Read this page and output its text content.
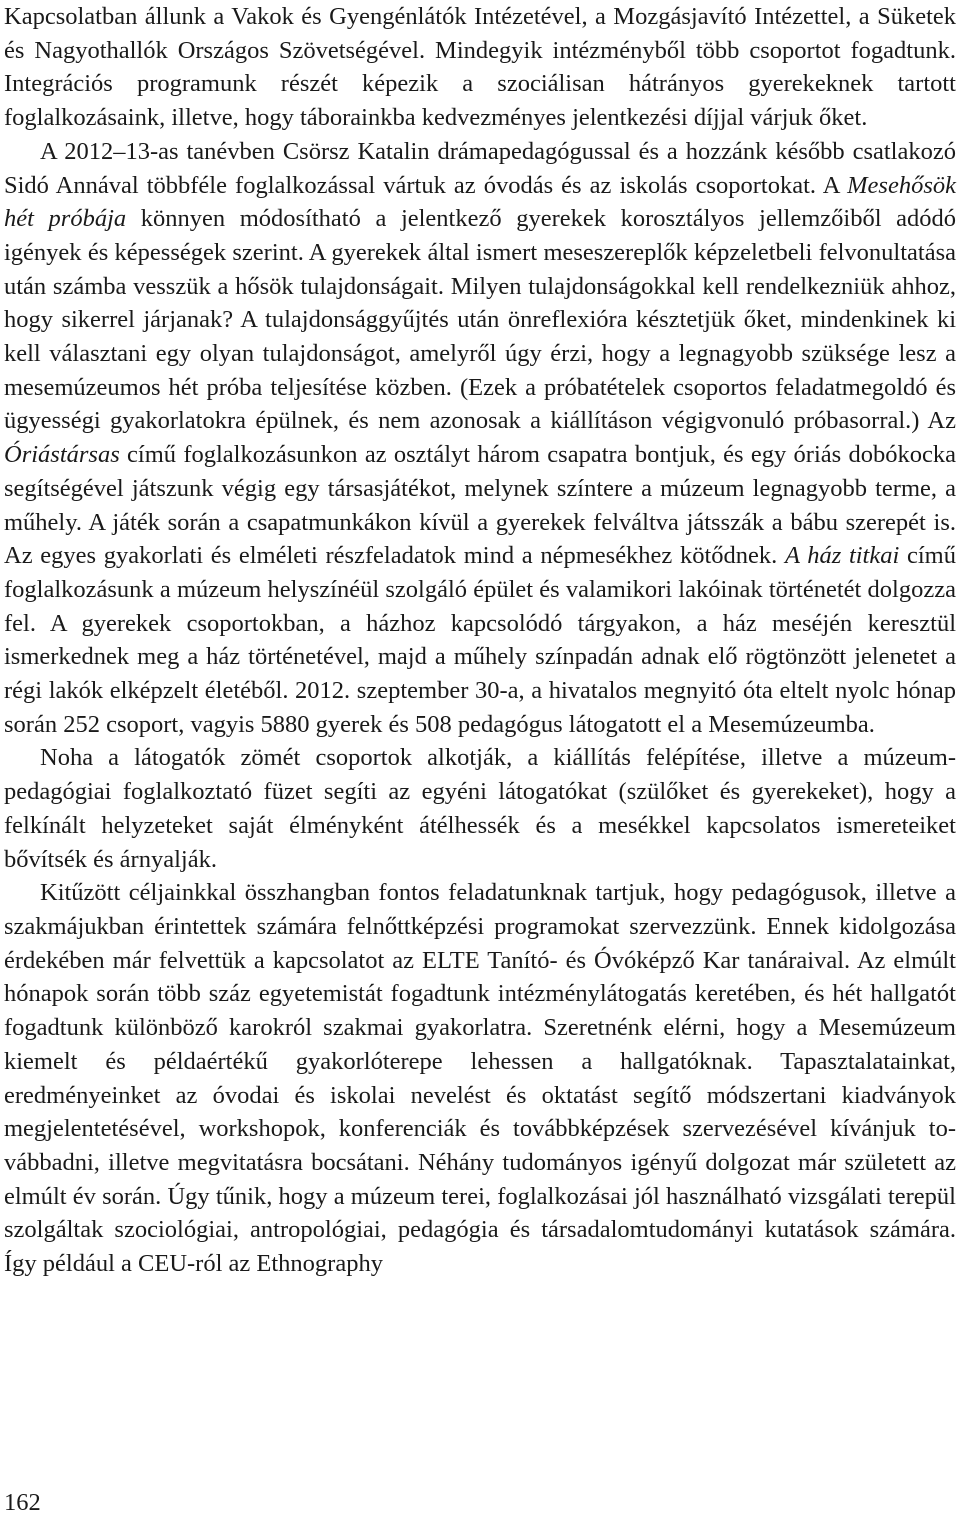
Kapcsolatban állunk a Vakok és Gyengénlátók Intézetével, a Mozgásjavító Intézettel, a Süketek és Nagyothallók Országos Szövetségével. Mindegyik intézményből több csoportot fogadtunk. Integrációs programunk részét képezik a szociálisan hátrányos gyerekeknek tartott foglalkozásaink, illetve, hogy táborainkba kedvezményes jelentkezési díjjal várjuk őket.

A 2012–13-as tanévben Csörsz Katalin drámapedagógussal és a hozzánk később csatlakozó Sidó Annával többféle foglalkozással vártuk az óvodás és az iskolás csoportokat. A Mesehősök hét próbája könnyen módosítható a jelentkező gyerekek korosztályos jellemzőiből adódó igények és képességek szerint. A gyerekek által ismert meseszereplők képzeletbeli felvonultatása után számba vesszük a hősök tulajdonságait. Milyen tulajdonságokkal kell rendelkezniük ahhoz, hogy sikerrel járjanak? A tulajdonsággyűjtés után önreflexióra késztetjük őket, mindenkinek ki kell választani egy olyan tulajdonságot, amelyről úgy érzi, hogy a legnagyobb szüksége lesz a mesemúzeumos hét próba teljesítése közben. (Ezek a próbatételek csoportos feladatmegoldó és ügyességi gyakorlatokra épülnek, és nem azonosak a kiállításon végigvonuló próbasorral.) Az Óriástársas című foglalkozásunkon az osztályt három csapatra bontjuk, és egy óriás dobókocka segítségével játszunk végig egy társasjátékot, melynek színtere a múzeum legnagyobb terme, a műhely. A játék során a csapatmunkákon kívül a gyerekek felváltva játsszák a bábu szerepét is. Az egyes gyakorlati és elméleti részfeladatok mind a népmesékhez kötődnek. A ház titkai című foglalkozásunk a múzeum helyszínéül szolgáló épület és valamikori lakóinak történetét dolgozza fel. A gyerekek csoportokban, a házhoz kapcsolódó tárgyakon, a ház meséjén keresztül ismerkednek meg a ház történetével, majd a műhely színpadán adnak elő rögtönzött jelenetet a régi lakók elképzelt életéből. 2012. szeptember 30-a, a hivatalos megnyitó óta eltelt nyolc hónap során 252 csoport, vagyis 5880 gyerek és 508 pedagógus látogatott el a Mesemúzeumba.

Noha a látogatók zömét csoportok alkotják, a kiállítás felépítése, illetve a múzeumpedagógiai foglalkoztató füzet segíti az egyéni látogatókat (szülőket és gyerekeket), hogy a felkínált helyzeteket saját élményként átélhessék és a mesékkel kapcsolatos ismereteiket bővítsék és árnyalják.

Kitűzött céljainkkal összhangban fontos feladatunknak tartjuk, hogy pedagógusok, illetve a szakmájukban érintettek számára felnőttképzési programokat szervezzünk. Ennek kidolgozása érdekében már felvettük a kapcsolatot az ELTE Tanító- és Óvóképző Kar tanáraival. Az elmúlt hónapok során több száz egyetemistát fogadtunk intézménylátogatás keretében, és hét hallgatót fogadtunk különböző karokról szakmai gyakorlatra. Szeretnénk elérni, hogy a Mesemúzeum kiemelt és példaértékű gyakorlóterepe lehessen a hallgatóknak. Tapasztalatainkat, eredményeinket az óvodai és iskolai nevelést és oktatást segítő módszertani kiadványok megjelentetésével, workshopok, konferenciák és továbbképzések szervezésével kívánjuk továbbadni, illetve megvitatásra bocsátani. Néhány tudományos igényű dolgozat már született az elmúlt év során. Úgy tűnik, hogy a múzeum terei, foglalkozásai jól használható vizsgálati terepül szolgáltak szociológiai, antropológiai, pedagógia és társadalomtudományi kutatások számára. Így például a CEU-ról az Ethnography

162
